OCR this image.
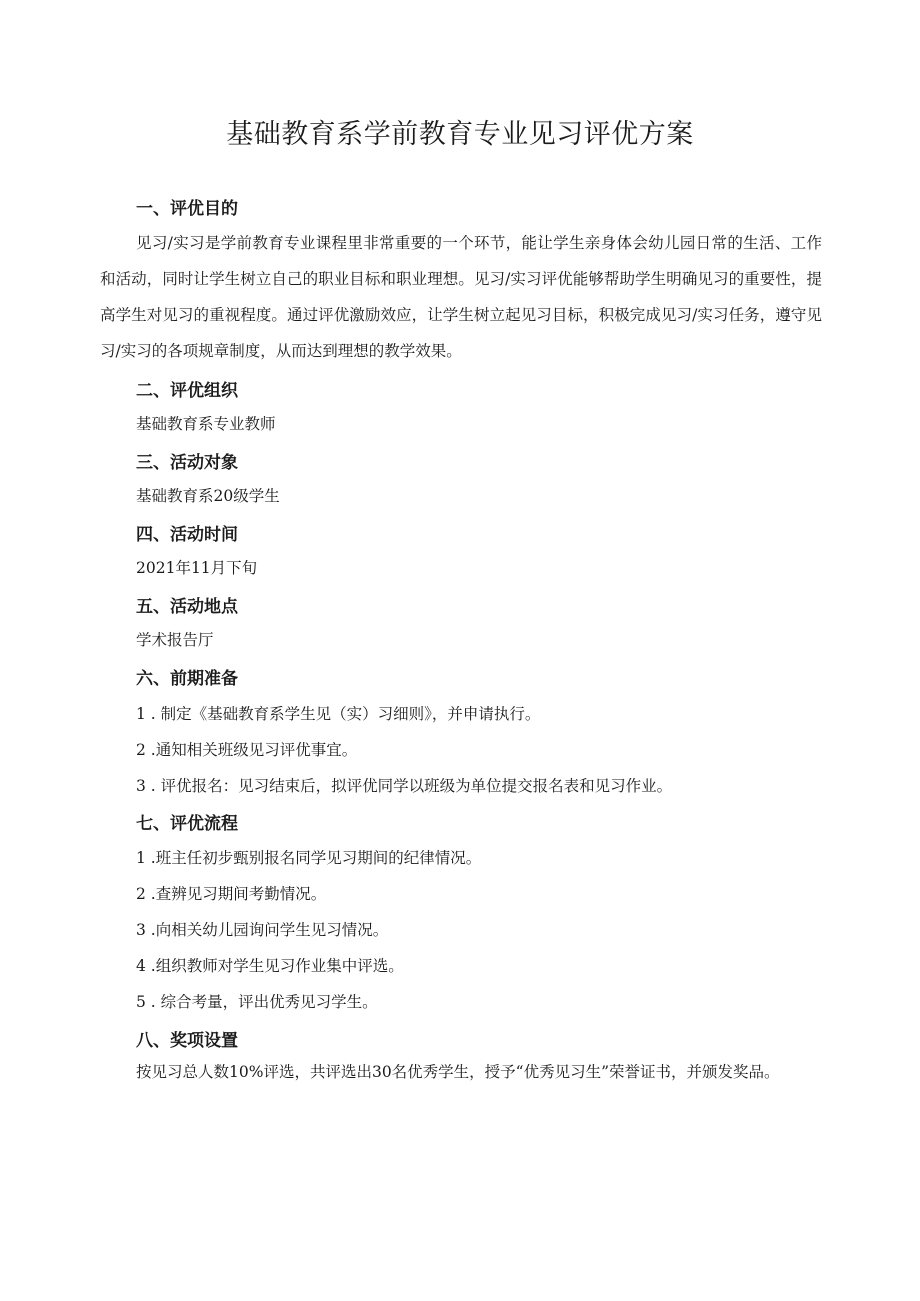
基础教育系学前教育专业见习评优方案
一、评优目的
见习/实习是学前教育专业课程里非常重要的一个环节，能让学生亲身体会幼儿园日常的生活、工作和活动，同时让学生树立自己的职业目标和职业理想。见习/实习评优能够帮助学生明确见习的重要性，提高学生对见习的重视程度。通过评优激励效应，让学生树立起见习目标，积极完成见习/实习任务，遵守见习/实习的各项规章制度，从而达到理想的教学效果。
二、评优组织
基础教育系专业教师
三、活动对象
基础教育系20级学生
四、活动时间
2021年11月下旬
五、活动地点
学术报告厅
六、前期准备
1 . 制定《基础教育系学生见（实）习细则》，并申请执行。
2 .通知相关班级见习评优事宜。
3 . 评优报名：见习结束后，拟评优同学以班级为单位提交报名表和见习作业。
七、评优流程
1 .班主任初步甄别报名同学见习期间的纪律情况。
2 .查辨见习期间考勤情况。
3 .向相关幼儿园询问学生见习情况。
4 .组织教师对学生见习作业集中评选。
5 . 综合考量，评出优秀见习学生。
八、奖项设置
按见习总人数10%评选，共评选出30名优秀学生，授予“优秀见习生”荣誉证书，并颁发奖品。
